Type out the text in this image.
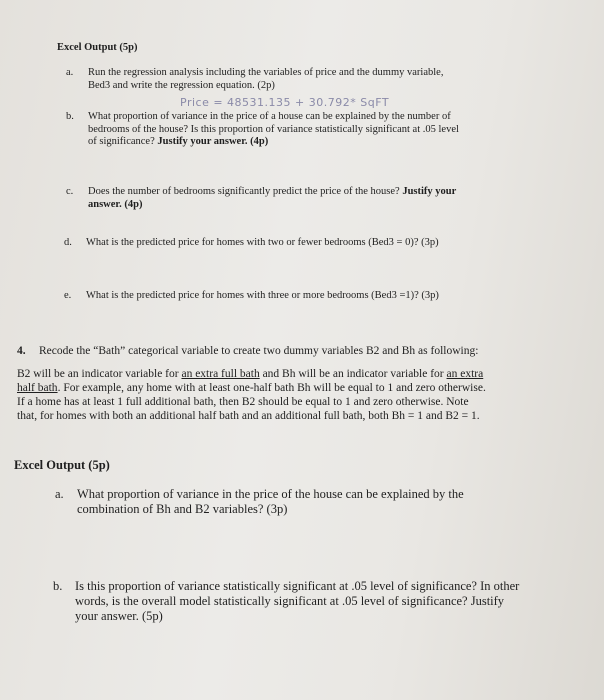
Excel Output (5p)
a. Run the regression analysis including the variables of price and the dummy variable,
Bed3 and write the regression equation. (2p)
Price = 48531.135 + 30.792* SqFT
b. What proportion of variance in the price of a house can be explained by the number of
bedrooms of the house? Is this proportion of variance statistically significant at .05 level
of significance? Justify your answer. (4p)
c. Does the number of bedrooms significantly predict the price of the house? Justify your
answer. (4p)
d. What is the predicted price for homes with two or fewer bedrooms (Bed3 = 0)? (3p)
e. What is the predicted price for homes with three or more bedrooms (Bed3 =1)? (3p)
4. Recode the “Bath” categorical variable to create two dummy variables B2 and Bh as following:
B2 will be an indicator variable for an extra full bath and Bh will be an indicator variable for an extra
half bath. For example, any home with at least one-half bath Bh will be equal to 1 and zero otherwise.
If a home has at least 1 full additional bath, then B2 should be equal to 1 and zero otherwise. Note
that, for homes with both an additional half bath and an additional full bath, both Bh = 1 and B2 = 1.
Excel Output (5p)
a. What proportion of variance in the price of the house can be explained by the
combination of Bh and B2 variables? (3p)
b. Is this proportion of variance statistically significant at .05 level of significance? In other
words, is the overall model statistically significant at .05 level of significance? Justify
your answer. (5p)
